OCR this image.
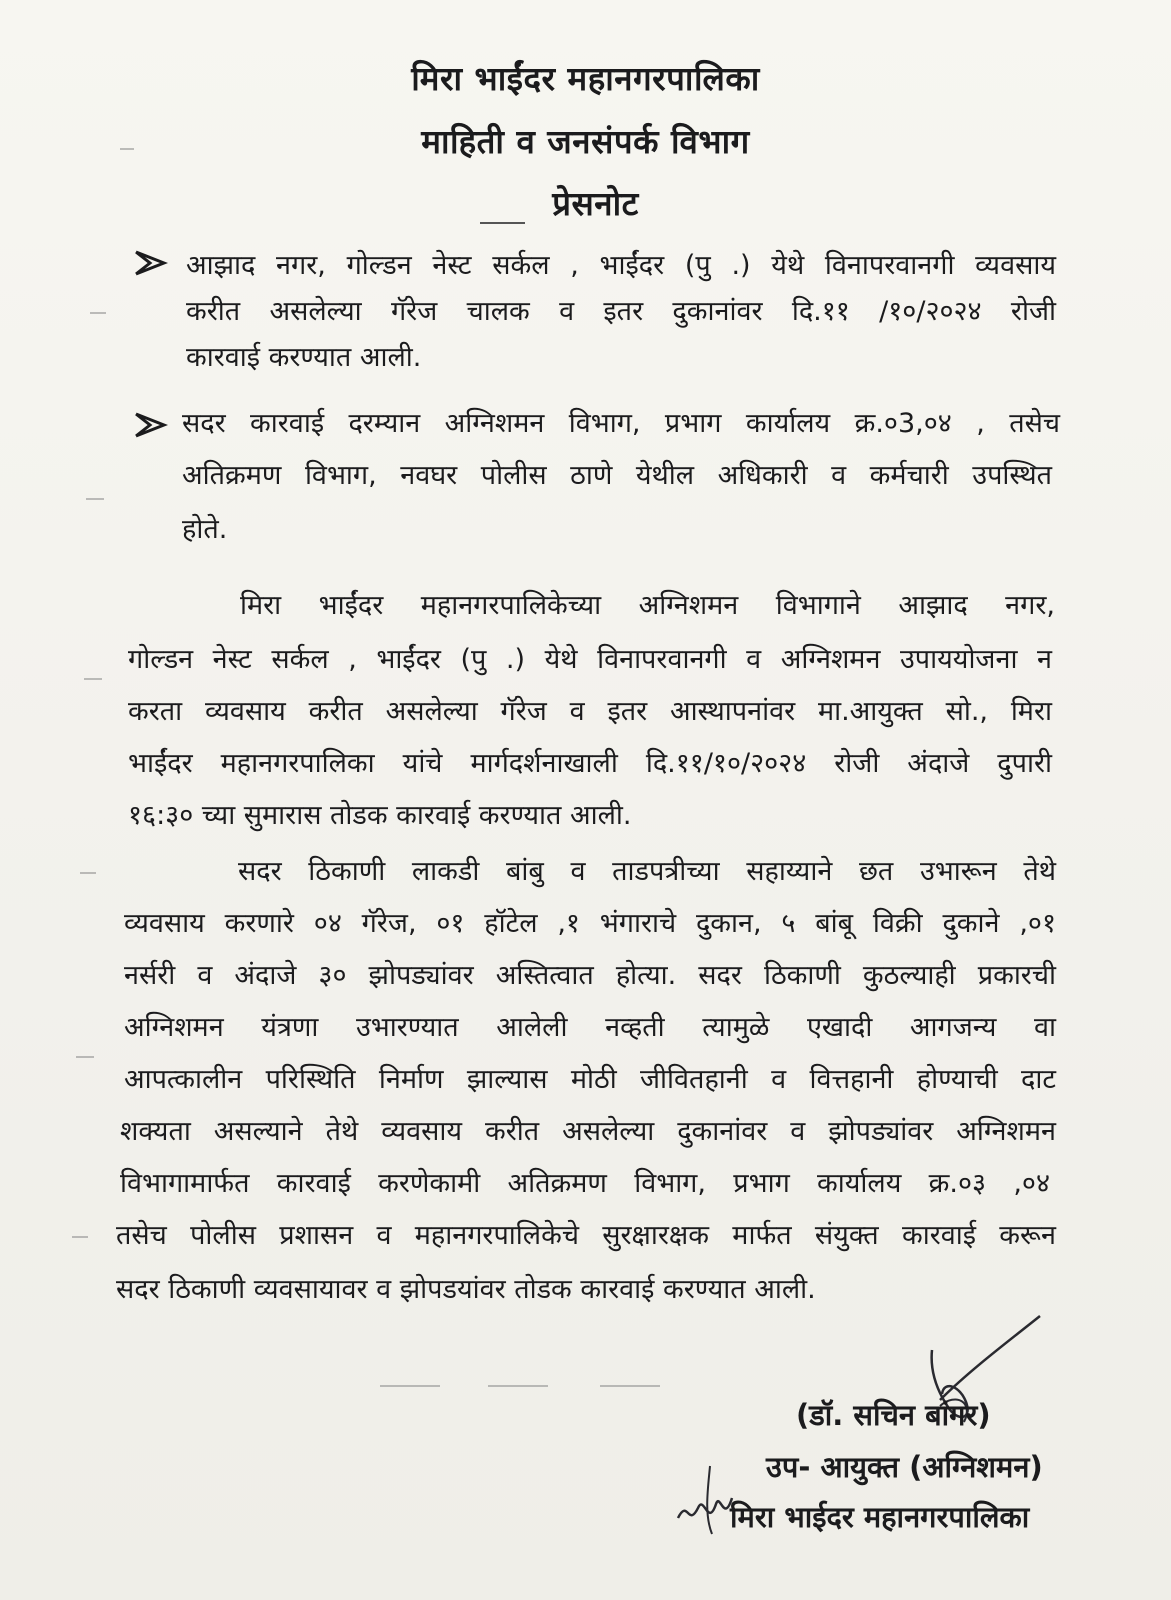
मिरा भाईंदर महानगरपालिका
माहिती व जनसंपर्क विभाग
प्रेसनोट
आझाद नगर, गोल्डन नेस्ट सर्कल , भाईंदर (पु .) येथे विनापरवानगी व्यवसाय
करीत असलेल्या गॅरेज चालक व इतर दुकानांवर दि.११ /१०/२०२४ रोजी
कारवाई करण्यात आली.
सदर कारवाई दरम्यान अग्निशमन विभाग, प्रभाग कार्यालय क्र.०3,०४ , तसेच
अतिक्रमण विभाग, नवघर पोलीस ठाणे येथील अधिकारी व कर्मचारी उपस्थित
होते.
मिरा भाईंदर महानगरपालिकेच्या अग्निशमन विभागाने आझाद नगर,
गोल्डन नेस्ट सर्कल , भाईंदर (पु .) येथे विनापरवानगी व अग्निशमन उपाययोजना न
करता व्यवसाय करीत असलेल्या गॅरेज व इतर आस्थापनांवर मा.आयुक्त सो., मिरा
भाईंदर महानगरपालिका यांचे मार्गदर्शनाखाली दि.११/१०/२०२४ रोजी अंदाजे दुपारी
१६:३० च्या सुमारास तोडक कारवाई करण्यात आली.
सदर ठिकाणी लाकडी बांबु व ताडपत्रीच्या सहाय्याने छत उभारून तेथे
व्यवसाय करणारे ०४ गॅरेज, ०१ हॉटेल ,१ भंगाराचे दुकान, ५ बांबू विक्री दुकाने ,०१
नर्सरी व अंदाजे ३० झोपड्यांवर अस्तित्वात होत्या. सदर ठिकाणी कुठल्याही प्रकारची
अग्निशमन यंत्रणा उभारण्यात आलेली नव्हती त्यामुळे एखादी आगजन्य वा
आपत्कालीन परिस्थिति निर्माण झाल्यास मोठी जीवितहानी व वित्तहानी होण्याची दाट
शक्यता असल्याने तेथे व्यवसाय करीत असलेल्या दुकानांवर व झोपड्यांवर अग्निशमन
विभागामार्फत कारवाई करणेकामी अतिक्रमण विभाग, प्रभाग कार्यालय क्र.०३ ,०४
तसेच पोलीस प्रशासन व महानगरपालिकेचे सुरक्षारक्षक मार्फत संयुक्त कारवाई करून
सदर ठिकाणी व्यवसायावर व झोपडयांवर तोडक कारवाई करण्यात आली.
(डॉ. सचिन बांगर)
उप- आयुक्त (अग्निशमन)
मिरा भाईदर महानगरपालिका
